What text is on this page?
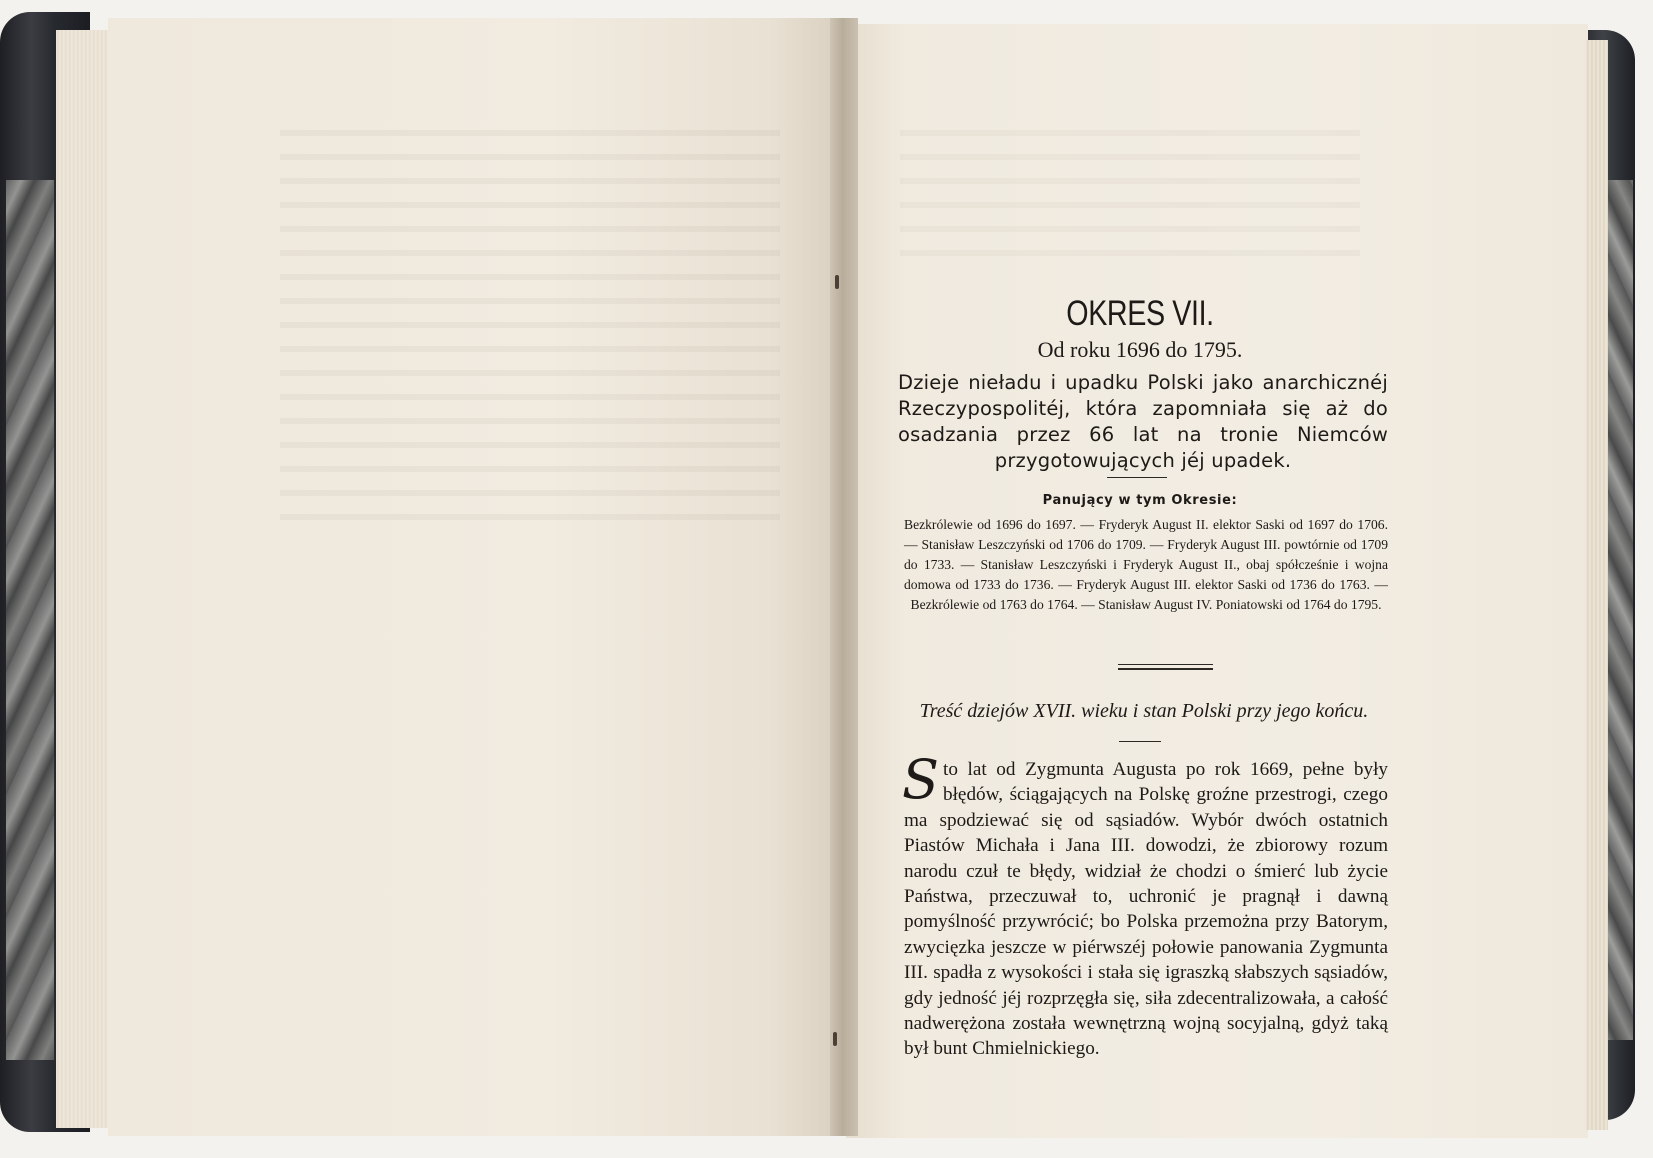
OKRES VII.
Od roku 1696 do 1795.
Dzieje nieładu i upadku Polski jako anarchicznéj Rzeczypospolitéj, która zapomniała się aż do osadzania przez 66 lat na tronie Niemców przygotowujących jéj upadek.
Panujący w tym Okresie:
Bezkrólewie od 1696 do 1697. — Fryderyk August II. elektor Saski od 1697 do 1706. — Stanisław Leszczyński od 1706 do 1709. — Fryderyk August III. powtórnie od 1709 do 1733. — Stanisław Leszczyński i Fryderyk August II., obaj spółcześnie i wojna domowa od 1733 do 1736. — Fryderyk August III. elektor Saski od 1736 do 1763. — Bezkrólewie od 1763 do 1764. — Stanisław August IV. Poniatowski od 1764 do 1795.
Treść dziejów XVII. wieku i stan Polski przy jego końcu.
Sto lat od Zygmunta Augusta po rok 1669, pełne były błędów, ściągających na Polskę groźne przestrogi, czego ma spodziewać się od sąsiadów. Wybór dwóch ostatnich Piastów Michała i Jana III. dowodzi, że zbiorowy rozum narodu czuł te błędy, widział że chodzi o śmierć lub życie Państwa, przeczuwał to, uchronić je pragnął i dawną pomyślność przywrócić; bo Polska przemożna przy Batorym, zwycięzka jeszcze w piérwszéj połowie panowania Zygmunta III. spadła z wysokości i stała się igraszką słabszych sąsiadów, gdy jedność jéj rozprzęgła się, siła zdecentralizowała, a całość nadwerężona została wewnętrzną wojną socyjalną, gdyż taką był bunt Chmielnickiego.
